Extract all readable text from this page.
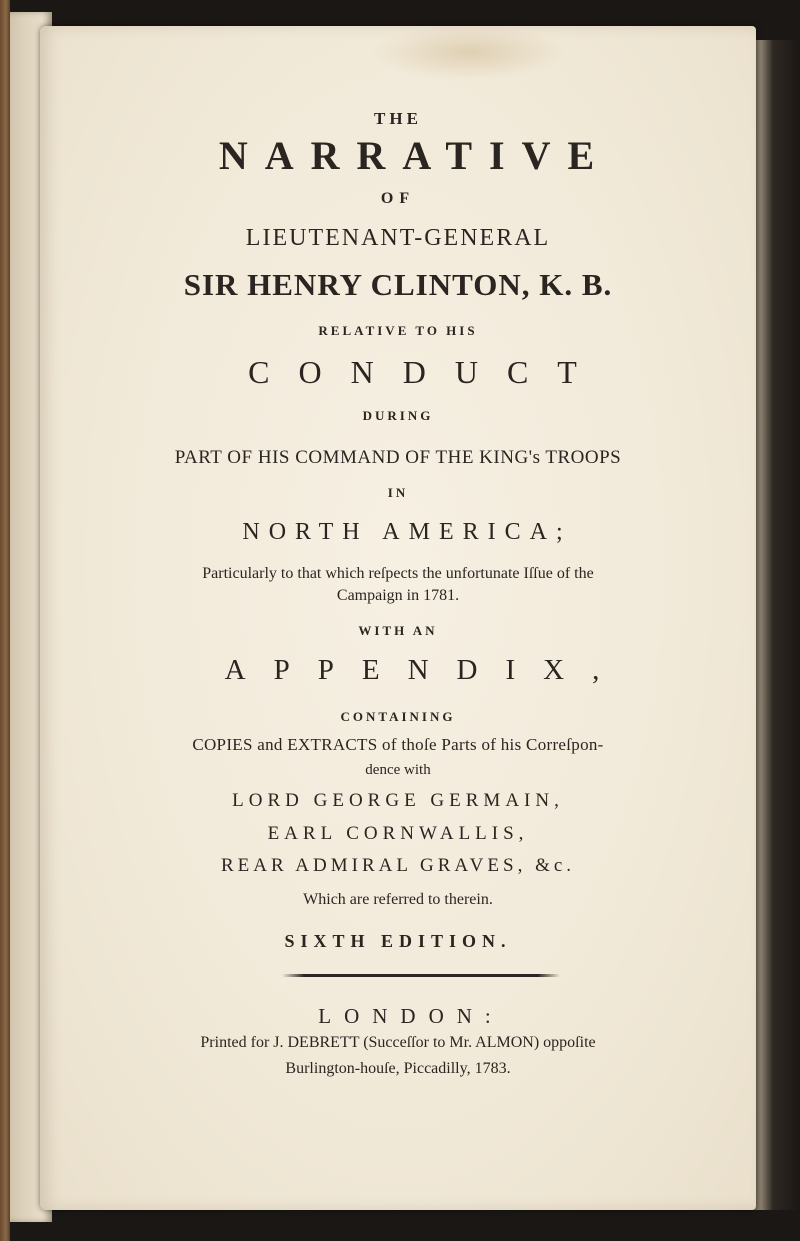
THE

NARRATIVE

OF

LIEUTENANT-GENERAL

SIR HENRY CLINTON, K. B.

RELATIVE TO HIS

CONDUCT

DURING

PART OF HIS COMMAND OF THE KING's TROOPS

IN

NORTH AMERICA;

Particularly to that which reſpects the unfortunate Iſſue of the

Campaign in 1781.

WITH AN

APPENDIX,

CONTAINING

COPIES and EXTRACTS of thoſe Parts of his Correſpon-

dence with

LORD GEORGE GERMAIN,

EARL CORNWALLIS,

REAR ADMIRAL GRAVES, &c.

Which are referred to therein.

SIXTH EDITION.

LONDON:

Printed for J. DEBRETT (Succeſſor to Mr. ALMON) oppoſite

Burlington-houſe, Piccadilly, 1783.
